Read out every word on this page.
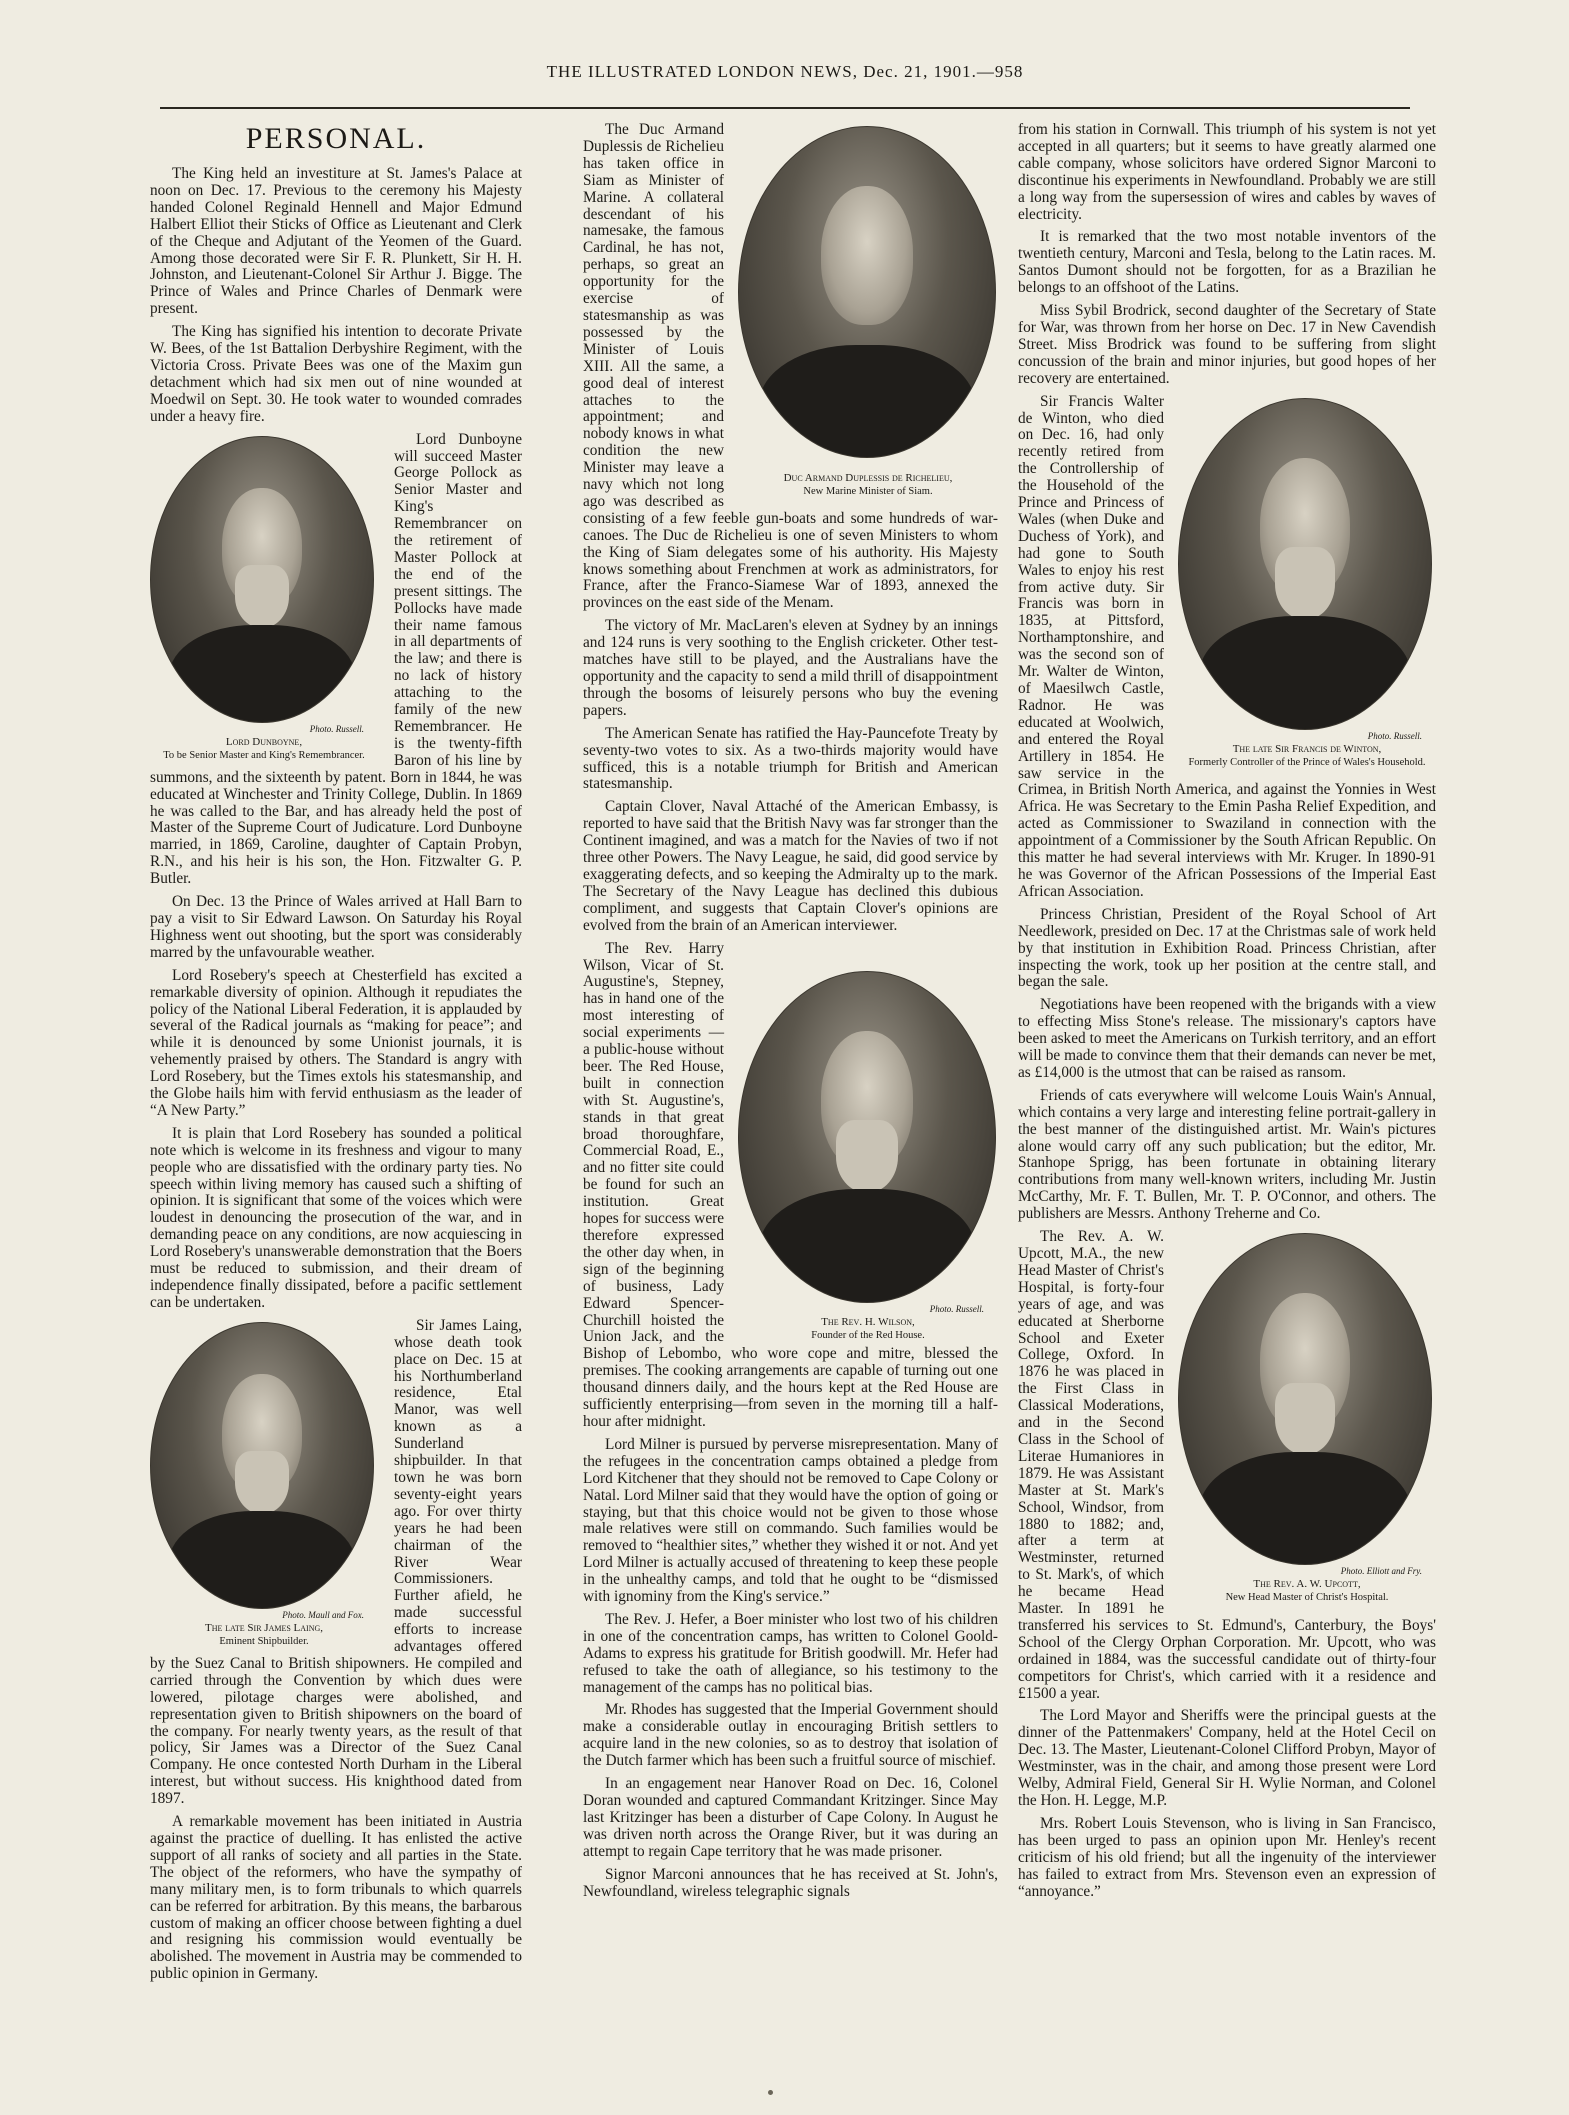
THE ILLUSTRATED LONDON NEWS, Dec. 21, 1901.—958
PERSONAL.

The King held an investiture at St. James's Palace at noon on Dec. 17. Previous to the ceremony his Majesty handed Colonel Reginald Hennell and Major Edmund Halbert Elliot their Sticks of Office as Lieutenant and Clerk of the Cheque and Adjutant of the Yeomen of the Guard. Among those decorated were Sir F. R. Plunkett, Sir H. H. Johnston, and Lieutenant-Colonel Sir Arthur J. Bigge. The Prince of Wales and Prince Charles of Denmark were present.

The King has signified his intention to decorate Private W. Bees, of the 1st Battalion Derbyshire Regiment, with the Victoria Cross. Private Bees was one of the Maxim gun detachment which had six men out of nine wounded at Moedwil on Sept. 30. He took water to wounded comrades under a heavy fire.

Photo. Russell.
Lord Dunboyne,
To be Senior Master and King's Remembrancer.

Lord Dunboyne will succeed Master George Pollock as Senior Master and King's Remembrancer on the retirement of Master Pollock at the end of the present sittings. The Pollocks have made their name famous in all departments of the law; and there is no lack of history attaching to the family of the new Remembrancer. He is the twenty-fifth Baron of his line by summons, and the sixteenth by patent. Born in 1844, he was educated at Winchester and Trinity College, Dublin. In 1869 he was called to the Bar, and has already held the post of Master of the Supreme Court of Judicature. Lord Dunboyne married, in 1869, Caroline, daughter of Captain Probyn, R.N., and his heir is his son, the Hon. Fitzwalter G. P. Butler.

On Dec. 13 the Prince of Wales arrived at Hall Barn to pay a visit to Sir Edward Lawson. On Saturday his Royal Highness went out shooting, but the sport was considerably marred by the unfavourable weather.

Lord Rosebery's speech at Chesterfield has excited a remarkable diversity of opinion. Although it repudiates the policy of the National Liberal Federation, it is applauded by several of the Radical journals as “making for peace”; and while it is denounced by some Unionist journals, it is vehemently praised by others. The Standard is angry with Lord Rosebery, but the Times extols his statesmanship, and the Globe hails him with fervid enthusiasm as the leader of “A New Party.”

It is plain that Lord Rosebery has sounded a political note which is welcome in its freshness and vigour to many people who are dissatisfied with the ordinary party ties. No speech within living memory has caused such a shifting of opinion. It is significant that some of the voices which were loudest in denouncing the prosecution of the war, and in demanding peace on any conditions, are now acquiescing in Lord Rosebery's unanswerable demonstration that the Boers must be reduced to submission, and their dream of independence finally dissipated, before a pacific settlement can be undertaken.

Photo. Maull and Fox.
The late Sir James Laing,
Eminent Shipbuilder.

Sir James Laing, whose death took place on Dec. 15 at his Northumberland residence, Etal Manor, was well known as a Sunderland shipbuilder. In that town he was born seventy-eight years ago. For over thirty years he had been chairman of the River Wear Commissioners. Further afield, he made successful efforts to increase advantages offered by the Suez Canal to British shipowners. He compiled and carried through the Convention by which dues were lowered, pilotage charges were abolished, and representation given to British shipowners on the board of the company. For nearly twenty years, as the result of that policy, Sir James was a Director of the Suez Canal Company. He once contested North Durham in the Liberal interest, but without success. His knighthood dated from 1897.

A remarkable movement has been initiated in Austria against the practice of duelling. It has enlisted the active support of all ranks of society and all parties in the State. The object of the reformers, who have the sympathy of many military men, is to form tribunals to which quarrels can be referred for arbitration. By this means, the barbarous custom of making an officer choose between fighting a duel and resigning his commission would eventually be abolished. The movement in Austria may be commended to public opinion in Germany.

Duc Armand Duplessis de Richelieu,
New Marine Minister of Siam.

The Duc Armand Duplessis de Richelieu has taken office in Siam as Minister of Marine. A collateral descendant of his namesake, the famous Cardinal, he has not, perhaps, so great an opportunity for the exercise of statesmanship as was possessed by the Minister of Louis XIII. All the same, a good deal of interest attaches to the appointment; and nobody knows in what condition the new Minister may leave a navy which not long ago was described as consisting of a few feeble gun-boats and some hundreds of war-canoes. The Duc de Richelieu is one of seven Ministers to whom the King of Siam delegates some of his authority. His Majesty knows something about Frenchmen at work as administrators, for France, after the Franco-Siamese War of 1893, annexed the provinces on the east side of the Menam.

The victory of Mr. MacLaren's eleven at Sydney by an innings and 124 runs is very soothing to the English cricketer. Other test-matches have still to be played, and the Australians have the opportunity and the capacity to send a mild thrill of disappointment through the bosoms of leisurely persons who buy the evening papers.

The American Senate has ratified the Hay-Pauncefote Treaty by seventy-two votes to six. As a two-thirds majority would have sufficed, this is a notable triumph for British and American statesmanship.

Captain Clover, Naval Attaché of the American Embassy, is reported to have said that the British Navy was far stronger than the Continent imagined, and was a match for the Navies of two if not three other Powers. The Navy League, he said, did good service by exaggerating defects, and so keeping the Admiralty up to the mark. The Secretary of the Navy League has declined this dubious compliment, and suggests that Captain Clover's opinions are evolved from the brain of an American interviewer.

Photo. Russell.
The Rev. H. Wilson,
Founder of the Red House.

The Rev. Harry Wilson, Vicar of St. Augustine's, Stepney, has in hand one of the most interesting of social experiments — a public-house without beer. The Red House, built in connection with St. Augustine's, stands in that great broad thoroughfare, Commercial Road, E., and no fitter site could be found for such an institution. Great hopes for success were therefore expressed the other day when, in sign of the beginning of business, Lady Edward Spencer-Churchill hoisted the Union Jack, and the Bishop of Lebombo, who wore cope and mitre, blessed the premises. The cooking arrangements are capable of turning out one thousand dinners daily, and the hours kept at the Red House are sufficiently enterprising—from seven in the morning till a half-hour after midnight.

Lord Milner is pursued by perverse misrepresentation. Many of the refugees in the concentration camps obtained a pledge from Lord Kitchener that they should not be removed to Cape Colony or Natal. Lord Milner said that they would have the option of going or staying, but that this choice would not be given to those whose male relatives were still on commando. Such families would be removed to “healthier sites,” whether they wished it or not. And yet Lord Milner is actually accused of threatening to keep these people in the unhealthy camps, and told that he ought to be “dismissed with ignominy from the King's service.”

The Rev. J. Hefer, a Boer minister who lost two of his children in one of the concentration camps, has written to Colonel Goold-Adams to express his gratitude for British goodwill. Mr. Hefer had refused to take the oath of allegiance, so his testimony to the management of the camps has no political bias.

Mr. Rhodes has suggested that the Imperial Government should make a considerable outlay in encouraging British settlers to acquire land in the new colonies, so as to destroy that isolation of the Dutch farmer which has been such a fruitful source of mischief.

In an engagement near Hanover Road on Dec. 16, Colonel Doran wounded and captured Commandant Kritzinger. Since May last Kritzinger has been a disturber of Cape Colony. In August he was driven north across the Orange River, but it was during an attempt to regain Cape territory that he was made prisoner.

Signor Marconi announces that he has received at St. John's, Newfoundland, wireless telegraphic signals

from his station in Cornwall. This triumph of his system is not yet accepted in all quarters; but it seems to have greatly alarmed one cable company, whose solicitors have ordered Signor Marconi to discontinue his experiments in Newfoundland. Probably we are still a long way from the supersession of wires and cables by waves of electricity.

It is remarked that the two most notable inventors of the twentieth century, Marconi and Tesla, belong to the Latin races. M. Santos Dumont should not be forgotten, for as a Brazilian he belongs to an offshoot of the Latins.

Miss Sybil Brodrick, second daughter of the Secretary of State for War, was thrown from her horse on Dec. 17 in New Cavendish Street. Miss Brodrick was found to be suffering from slight concussion of the brain and minor injuries, but good hopes of her recovery are entertained.

Photo. Russell.
The late Sir Francis de Winton,
Formerly Controller of the Prince of Wales's Household.

Sir Francis Walter de Winton, who died on Dec. 16, had only recently retired from the Controllership of the Household of the Prince and Princess of Wales (when Duke and Duchess of York), and had gone to South Wales to enjoy his rest from active duty. Sir Francis was born in 1835, at Pittsford, Northamptonshire, and was the second son of Mr. Walter de Winton, of Maesilwch Castle, Radnor. He was educated at Woolwich, and entered the Royal Artillery in 1854. He saw service in the Crimea, in British North America, and against the Yonnies in West Africa. He was Secretary to the Emin Pasha Relief Expedition, and acted as Commissioner to Swaziland in connection with the appointment of a Commissioner by the South African Republic. On this matter he had several interviews with Mr. Kruger. In 1890-91 he was Governor of the African Possessions of the Imperial East African Association.

Princess Christian, President of the Royal School of Art Needlework, presided on Dec. 17 at the Christmas sale of work held by that institution in Exhibition Road. Princess Christian, after inspecting the work, took up her position at the centre stall, and began the sale.

Negotiations have been reopened with the brigands with a view to effecting Miss Stone's release. The missionary's captors have been asked to meet the Americans on Turkish territory, and an effort will be made to convince them that their demands can never be met, as £14,000 is the utmost that can be raised as ransom.

Friends of cats everywhere will welcome Louis Wain's Annual, which contains a very large and interesting feline portrait-gallery in the best manner of the distinguished artist. Mr. Wain's pictures alone would carry off any such publication; but the editor, Mr. Stanhope Sprigg, has been fortunate in obtaining literary contributions from many well-known writers, including Mr. Justin McCarthy, Mr. F. T. Bullen, Mr. T. P. O'Connor, and others. The publishers are Messrs. Anthony Treherne and Co.

Photo. Elliott and Fry.
The Rev. A. W. Upcott,
New Head Master of Christ's Hospital.

The Rev. A. W. Upcott, M.A., the new Head Master of Christ's Hospital, is forty-four years of age, and was educated at Sherborne School and Exeter College, Oxford. In 1876 he was placed in the First Class in Classical Moderations, and in the Second Class in the School of Literae Humaniores in 1879. He was Assistant Master at St. Mark's School, Windsor, from 1880 to 1882; and, after a term at Westminster, returned to St. Mark's, of which he became Head Master. In 1891 he transferred his services to St. Edmund's, Canterbury, the Boys' School of the Clergy Orphan Corporation. Mr. Upcott, who was ordained in 1884, was the successful candidate out of thirty-four competitors for Christ's, which carried with it a residence and £1500 a year.

The Lord Mayor and Sheriffs were the principal guests at the dinner of the Pattenmakers' Company, held at the Hotel Cecil on Dec. 13. The Master, Lieutenant-Colonel Clifford Probyn, Mayor of Westminster, was in the chair, and among those present were Lord Welby, Admiral Field, General Sir H. Wylie Norman, and Colonel the Hon. H. Legge, M.P.

Mrs. Robert Louis Stevenson, who is living in San Francisco, has been urged to pass an opinion upon Mr. Henley's recent criticism of his old friend; but all the ingenuity of the interviewer has failed to extract from Mrs. Stevenson even an expression of “annoyance.”
